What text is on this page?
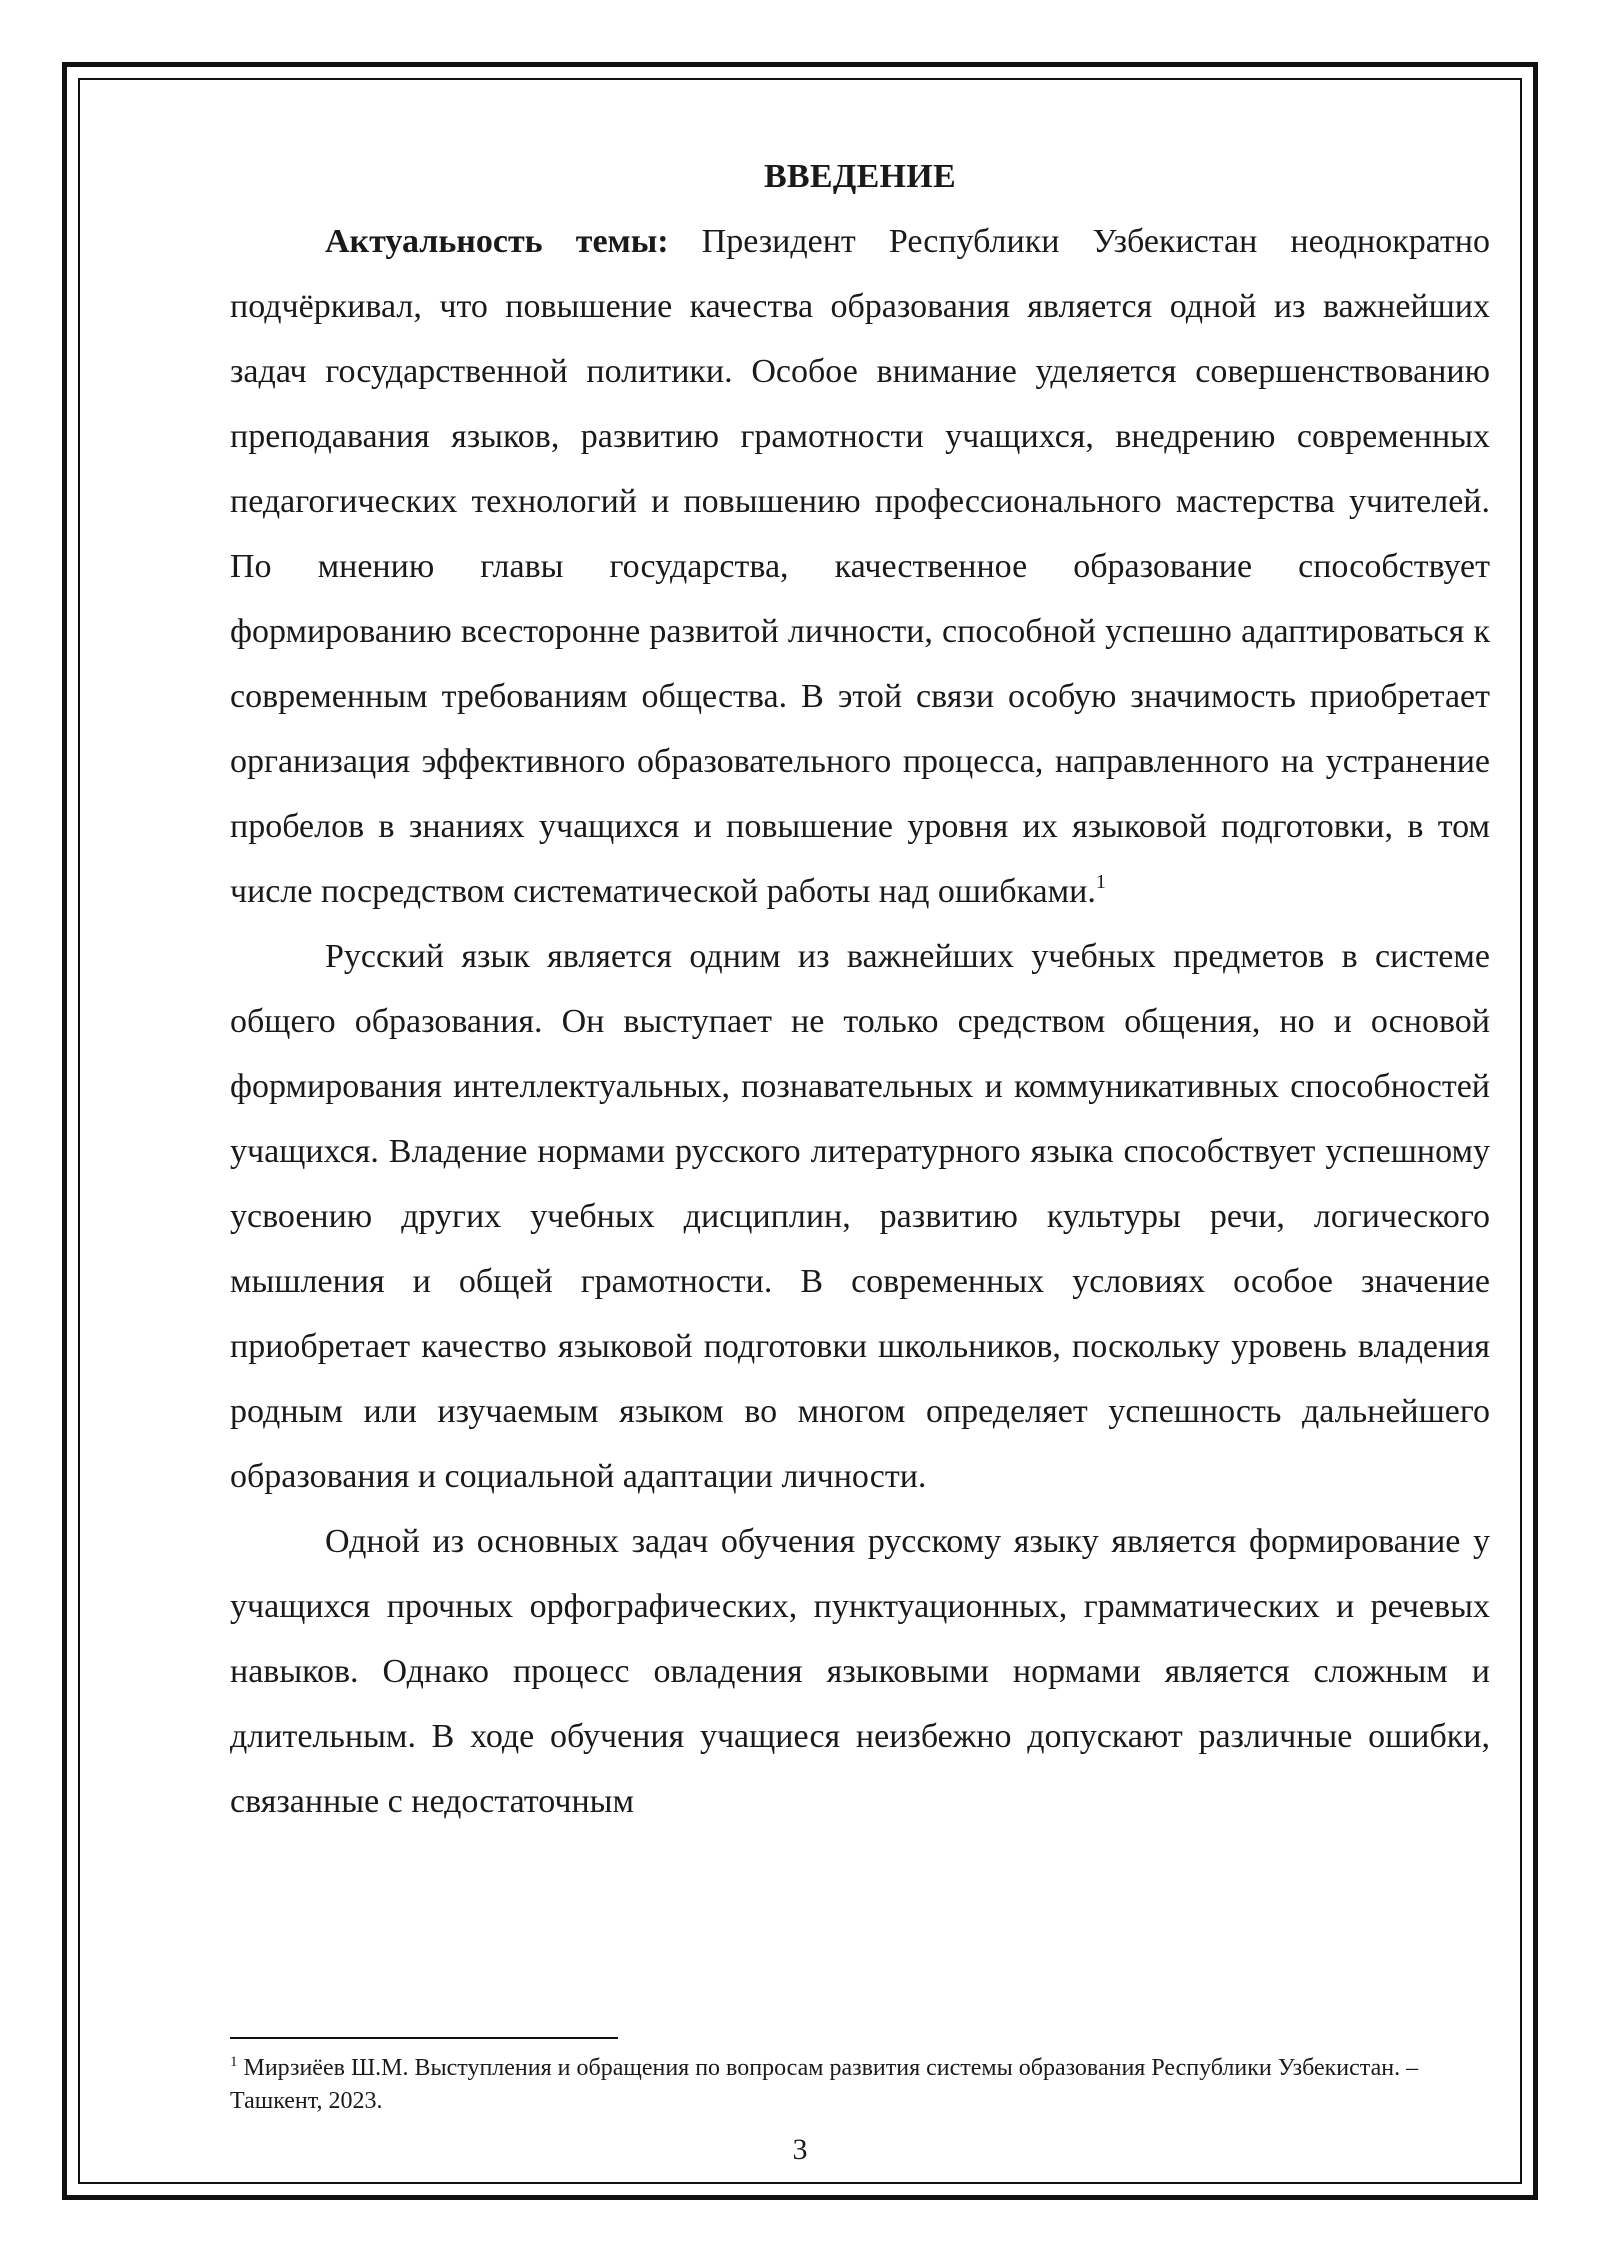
ВВЕДЕНИЕ

Актуальность темы: Президент Республики Узбекистан неоднократно подчёркивал, что повышение качества образования является одной из важнейших задач государственной политики. Особое внимание уделяется совершенствованию преподавания языков, развитию грамотности учащихся, внедрению современных педагогических технологий и повышению профессионального мастерства учителей. По мнению главы государства, качественное образование способствует формированию всесторонне развитой личности, способной успешно адаптироваться к современным требованиям общества. В этой связи особую значимость приобретает организация эффективного образовательного процесса, направленного на устранение пробелов в знаниях учащихся и повышение уровня их языковой подготовки, в том числе посредством систематической работы над ошибками.$^1$

Русский язык является одним из важнейших учебных предметов в системе общего образования. Он выступает не только средством общения, но и основой формирования интеллектуальных, познавательных и коммуникативных способностей учащихся. Владение нормами русского литературного языка способствует успешному усвоению других учебных дисциплин, развитию культуры речи, логического мышления и общей грамотности. В современных условиях особое значение приобретает качество языковой подготовки школьников, поскольку уровень владения родным или изучаемым языком во многом определяет успешность дальнейшего образования и социальной адаптации личности.

Одной из основных задач обучения русскому языку является формирование у учащихся прочных орфографических, пунктуационных, грамматических и речевых навыков. Однако процесс овладения языковыми нормами является сложным и длительным. В ходе обучения учащиеся неизбежно допускают различные ошибки, связанные с недостаточным

$^1$ Мирзиёев Ш.М. Выступления и обращения по вопросам развития системы образования Республики Узбекистан. – Ташкент, 2023.

3
